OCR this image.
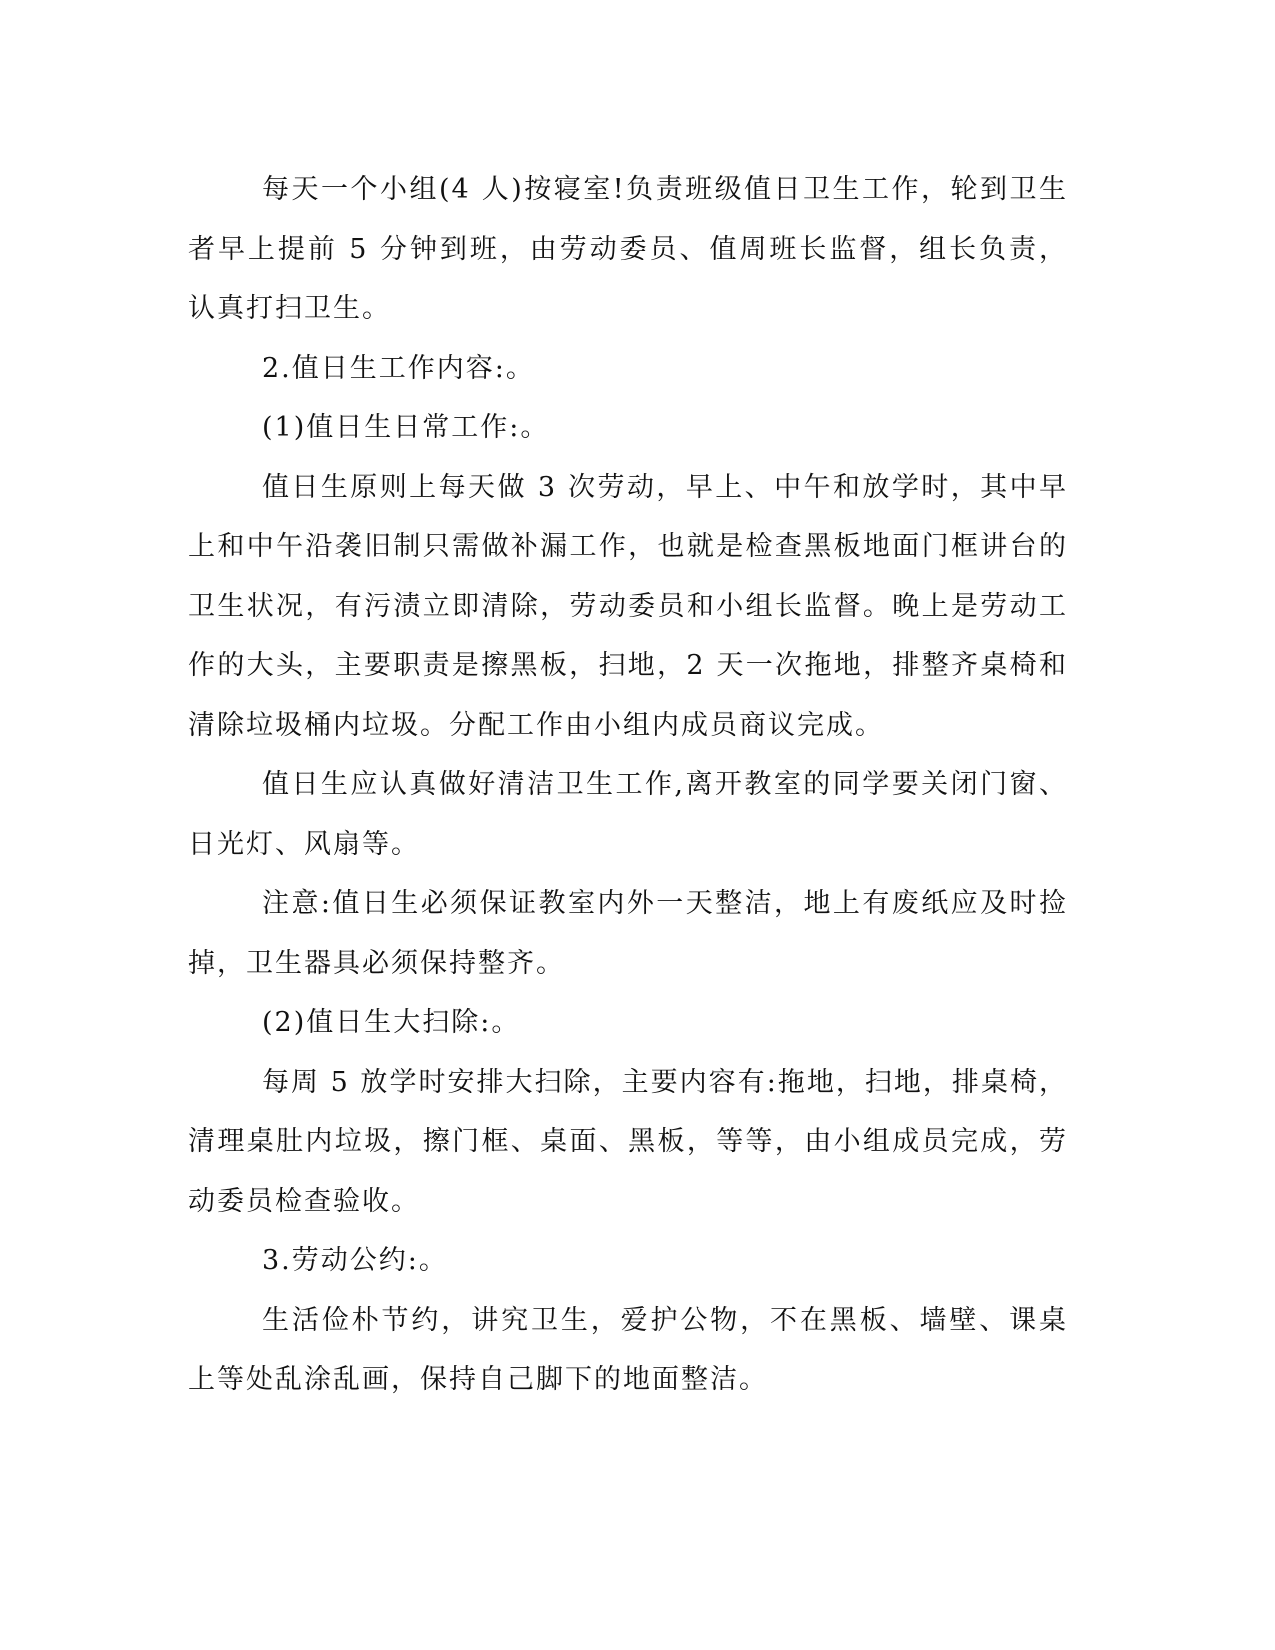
每天一个小组(4 人)按寝室!负责班级值日卫生工作，轮到卫生者早上提前 5 分钟到班，由劳动委员、值周班长监督，组长负责，认真打扫卫生。

2.值日生工作内容:。

(1)值日生日常工作:。

值日生原则上每天做 3 次劳动，早上、中午和放学时，其中早上和中午沿袭旧制只需做补漏工作，也就是检查黑板地面门框讲台的卫生状况，有污渍立即清除，劳动委员和小组长监督。晚上是劳动工作的大头，主要职责是擦黑板，扫地，2 天一次拖地，排整齐桌椅和清除垃圾桶内垃圾。分配工作由小组内成员商议完成。

值日生应认真做好清洁卫生工作,离开教室的同学要关闭门窗、日光灯、风扇等。

注意:值日生必须保证教室内外一天整洁，地上有废纸应及时捡掉，卫生器具必须保持整齐。

(2)值日生大扫除:。

每周 5 放学时安排大扫除，主要内容有:拖地，扫地，排桌椅，清理桌肚内垃圾，擦门框、桌面、黑板，等等，由小组成员完成，劳动委员检查验收。

3.劳动公约:。

生活俭朴节约，讲究卫生，爱护公物，不在黑板、墙壁、课桌上等处乱涂乱画，保持自己脚下的地面整洁。
